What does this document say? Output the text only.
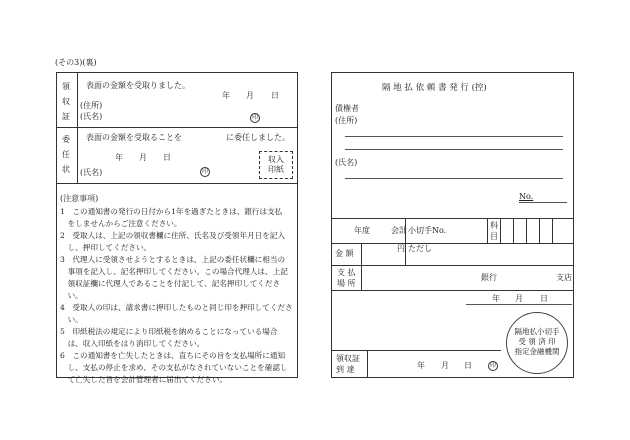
(その3)(裏)
領
収
証
表面の金額を受取りました。
年 月 日
(住所)
(氏名)	印
委
任
状
表面の金額を受取ることを	に委任しました。
年 月 日
(氏名)	印
収入
印紙
(注意事項)
1　この通知書の発行の日付から1年を過ぎたときは、銀行は支払
　をしませんからご注意ください。
2　受取人は、上記の領収書欄に住所、氏名及び受領年月日を記入
　し、押印してください。
3　代理人に受領させようとするときは、上記の委任状欄に相当の
　事項を記入し、記名押印してください。この場合代理人は、上記
　領収証欄に代理人であることを付記して、記名押印してくださ
　い。
4　受取人の印は、請求書に押印したものと同じ印を押印してくださ
　い。
5　印紙税法の規定により印紙税を納めることになっている場合
　は、収入印紙をはり消印してください。
6　この通知書を亡失したときは、直ちにその旨を支払場所に通知
　し、支払の停止を求め、その支払がなされていないことを確認し
　て亡失した旨を会計管理者に届出てください。
隔 地 払 依 頼 書 発 行 (控)
債権者
(住所)
(氏名)
No.
年度	会計 小切手No.
科
目
金 額
円 ただし
支 払
場 所
銀行	支店
年 月 日
隔地払小切手
受 領 済 印
指定金融機関
領収証
到 達	年 月 日	印
